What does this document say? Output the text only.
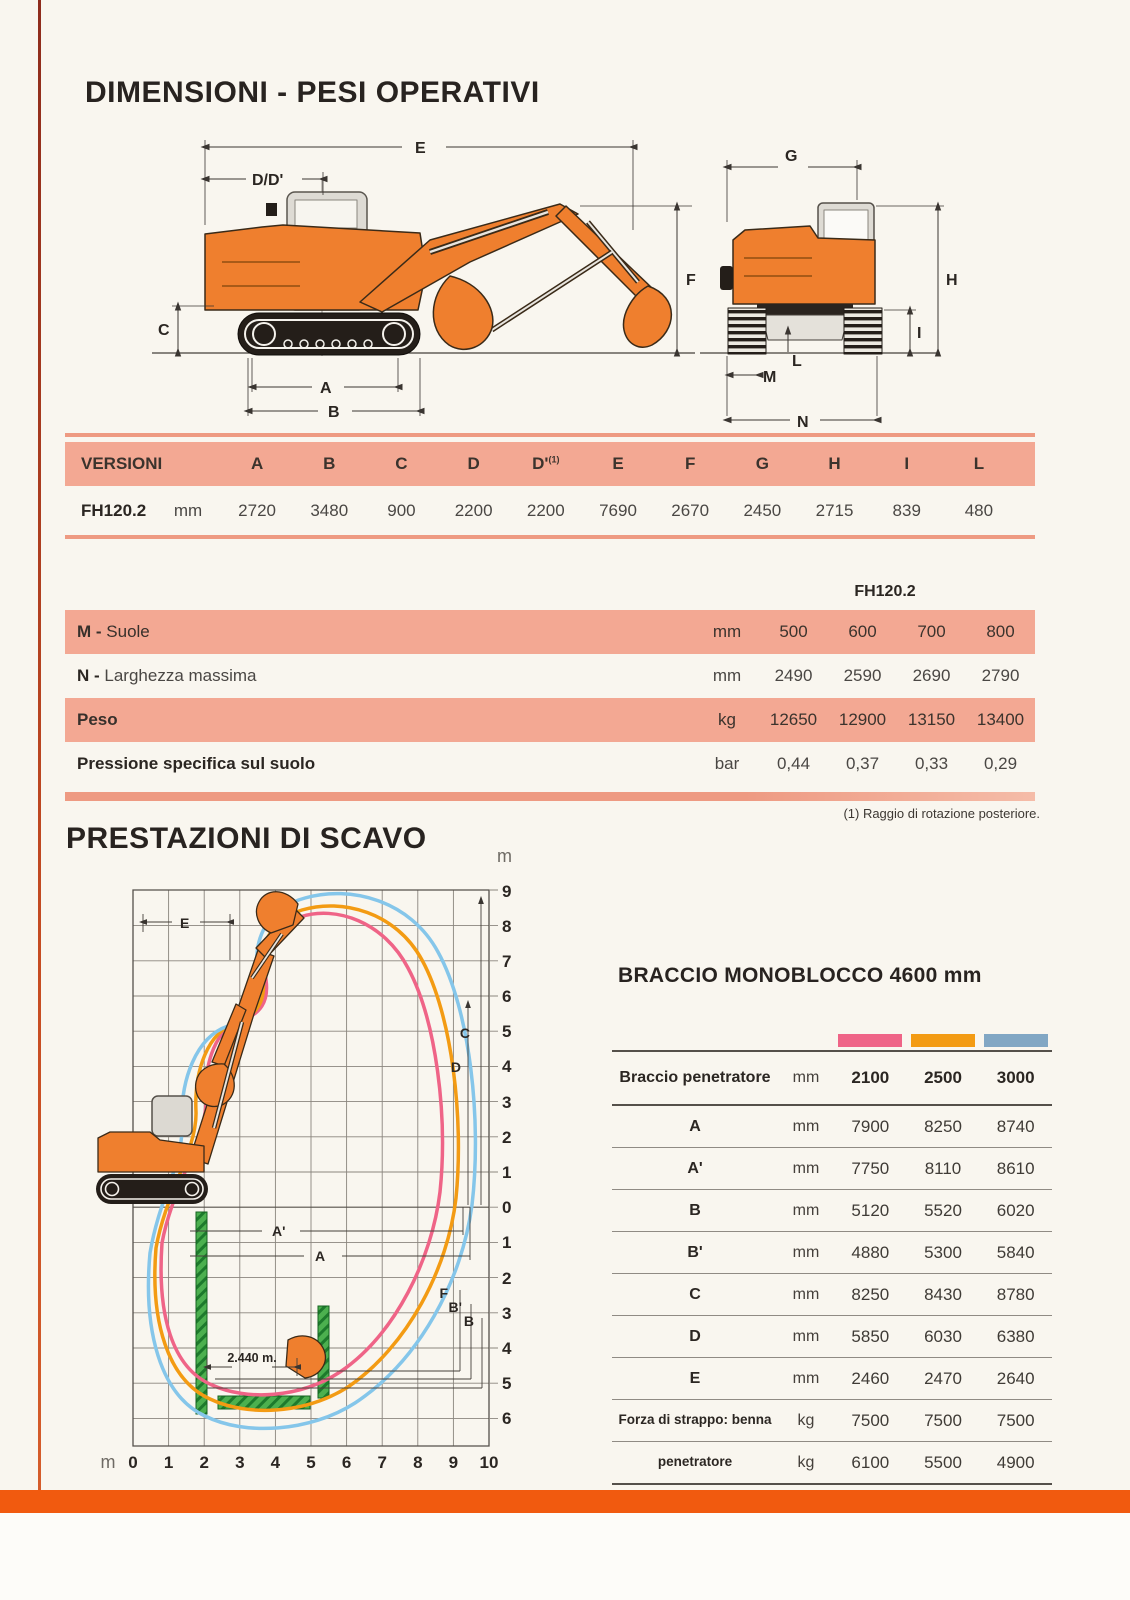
DIMENSIONI - PESI OPERATIVI
E
D/D'
C
A
B
F
G
H
I
L
M
N
VERSIONI	A	B	C	D	$D'^{(1)}$	E	F	G	H	I	L
FH120.2	mm	2720	3480	900	2200	2200	7690	2670	2450	2715	839	480
FH120.2
M - Suole	mm	500	600	700	800
N - Larghezza massima	mm	2490	2590	2690	2790
Peso	kg	12650	12900	13150	13400
Pressione specifica sul suolo	bar	0,44	0,37	0,33	0,29
(1) Raggio di rotazione posteriore.
PRESTAZIONI DI SCAVO
m
9
8
7
6
5
4
3
2
1
0
1
2
3
4
5
6
m 0 1 2 3 4 5 6 7 8 9 10
E
C
D
A'
A
F
B'
B
2.440 m.
BRACCIO MONOBLOCCO 4600 mm
Braccio penetratore	mm	2100	2500	3000
A	mm	7900	8250	8740
A'	mm	7750	8110	8610
B	mm	5120	5520	6020
B'	mm	4880	5300	5840
C	mm	8250	8430	8780
D	mm	5850	6030	6380
E	mm	2460	2470	2640
Forza di strappo: benna	kg	7500	7500	7500
penetratore	kg	6100	5500	4900
